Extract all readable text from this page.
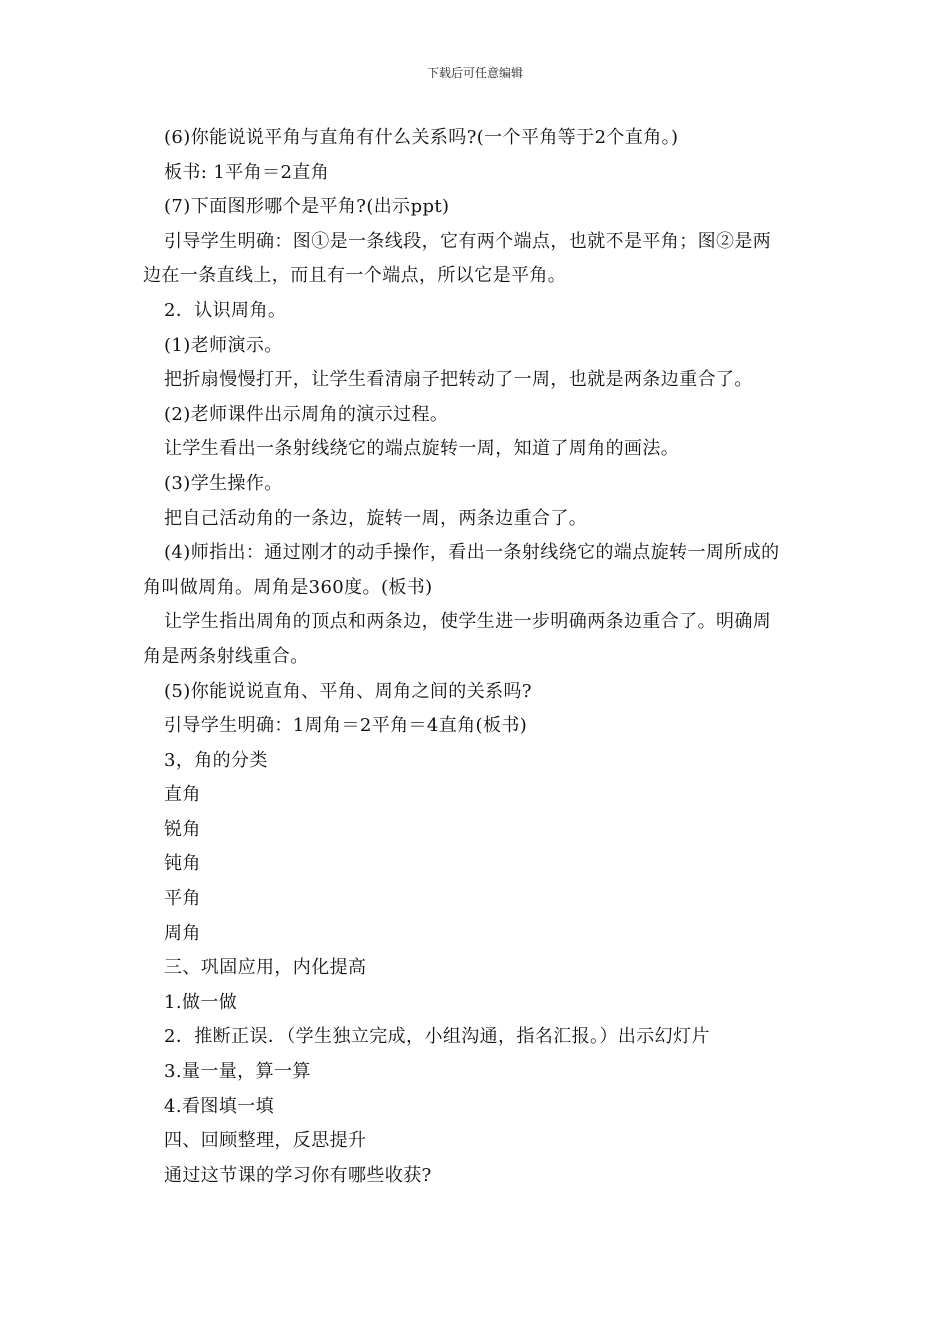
下载后可任意编辑
(6)你能说说平角与直角有什么关系吗?(一个平角等于2个直角。)
板书: 1平角＝2直角
(7)下面图形哪个是平角?(出示ppt)
引导学生明确：图①是一条线段，它有两个端点，也就不是平角；图②是两
边在一条直线上，而且有一个端点，所以它是平角。
2．认识周角。
(1)老师演示。
把折扇慢慢打开，让学生看清扇子把转动了一周，也就是两条边重合了。
(2)老师课件出示周角的演示过程。
让学生看出一条射线绕它的端点旋转一周，知道了周角的画法。
(3)学生操作。
把自己活动角的一条边，旋转一周，两条边重合了。
(4)师指出：通过刚才的动手操作，看出一条射线绕它的端点旋转一周所成的
角叫做周角。周角是360度。(板书)
让学生指出周角的顶点和两条边，使学生进一步明确两条边重合了。明确周
角是两条射线重合。
(5)你能说说直角、平角、周角之间的关系吗?
引导学生明确：1周角＝2平角＝4直角(板书)
3，角的分类
直角
锐角
钝角
平角
周角
三、巩固应用，内化提高
1.做一做
2．推断正误．（学生独立完成，小组沟通，指名汇报。）出示幻灯片
3.量一量，算一算
4.看图填一填
四、回顾整理，反思提升
通过这节课的学习你有哪些收获?
